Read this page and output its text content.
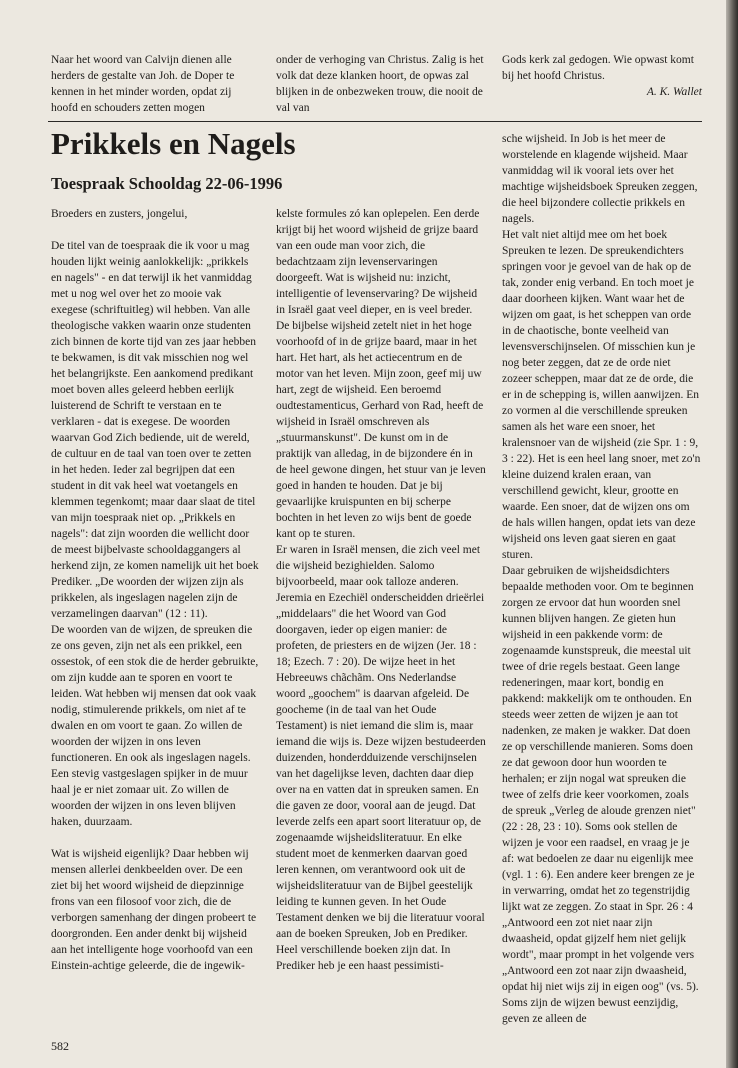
Naar het woord van Calvijn dienen alle herders de gestalte van Joh. de Doper te kennen in het minder worden, opdat zij hoofd en schouders zetten mogen

onder de verhoging van Christus. Zalig is het volk dat deze klanken hoort, de opwas zal blijken in de onbezweken trouw, die nooit de val van

Gods kerk zal gedogen. Wie opwast komt bij het hoofd Christus.

A. K. Wallet

Prikkels en Nagels
Toespraak Schooldag 22-06-1996

Broeders en zusters, jongelui,

De titel van de toespraak die ik voor u mag houden lijkt weinig aanlokkelijk: „prikkels en nagels" - en dat terwijl ik het vanmiddag met u nog wel over het zo mooie vak exegese (schriftuitleg) wil hebben. Van alle theologische vakken waarin onze studenten zich binnen de korte tijd van zes jaar hebben te bekwamen, is dit vak misschien nog wel het belangrijkste. Een aankomend predikant moet boven alles geleerd hebben eerlijk luisterend de Schrift te verstaan en te verklaren - dat is exegese. De woorden waarvan God Zich bediende, uit de wereld, de cultuur en de taal van toen over te zetten in het heden. Ieder zal begrijpen dat een student in dit vak heel wat voetangels en klemmen tegenkomt; maar daar slaat de titel van mijn toespraak niet op. „Prikkels en nagels": dat zijn woorden die wellicht door de meest bijbelvaste schooldaggangers al herkend zijn, ze komen namelijk uit het boek Prediker. „De woorden der wijzen zijn als prikkelen, als ingeslagen nagelen zijn de verzamelingen daarvan" (12 : 11).

De woorden van de wijzen, de spreuken die ze ons geven, zijn net als een prikkel, een ossestok, of een stok die de herder gebruikte, om zijn kudde aan te sporen en voort te leiden. Wat hebben wij mensen dat ook vaak nodig, stimulerende prikkels, om niet af te dwalen en om voort te gaan. Zo willen de woorden der wijzen in ons leven functioneren. En ook als ingeslagen nagels. Een stevig vastgeslagen spijker in de muur haal je er niet zomaar uit. Zo willen de woorden der wijzen in ons leven blijven haken, duurzaam.

Wat is wijsheid eigenlijk? Daar hebben wij mensen allerlei denkbeelden over. De een ziet bij het woord wijsheid de diepzinnige frons van een filosoof voor zich, die de verborgen samenhang der dingen probeert te doorgronden. Een ander denkt bij wijsheid aan het intelligente hoge voorhoofd van een Einstein-achtige geleerde, die de ingewik-

kelste formules zó kan oplepelen. Een derde krijgt bij het woord wijsheid de grijze baard van een oude man voor zich, die bedachtzaam zijn levenservaringen doorgeeft. Wat is wijsheid nu: inzicht, intelligentie of levenservaring? De wijsheid in Israël gaat veel dieper, en is veel breder. De bijbelse wijsheid zetelt niet in het hoge voorhoofd of in de grijze baard, maar in het hart. Het hart, als het actiecentrum en de motor van het leven. Mijn zoon, geef mij uw hart, zegt de wijsheid. Een beroemd oudtestamenticus, Gerhard von Rad, heeft de wijsheid in Israël omschreven als „stuurmanskunst". De kunst om in de praktijk van alledag, in de bijzondere én in de heel gewone dingen, het stuur van je leven goed in handen te houden. Dat je bij gevaarlijke kruispunten en bij scherpe bochten in het leven zo wijs bent de goede kant op te sturen.

Er waren in Israël mensen, die zich veel met die wijsheid bezighielden. Salomo bijvoorbeeld, maar ook talloze anderen. Jeremia en Ezechiël onderscheidden drieërlei „middelaars" die het Woord van God doorgaven, ieder op eigen manier: de profeten, de priesters en de wijzen (Jer. 18 : 18; Ezech. 7 : 20). De wijze heet in het Hebreeuws chãchãm. Ons Nederlandse woord „goochem" is daarvan afgeleid. De goocheme (in de taal van het Oude Testament) is niet iemand die slim is, maar iemand die wijs is. Deze wijzen bestudeerden duizenden, honderdduizende verschijnselen van het dagelijkse leven, dachten daar diep over na en vatten dat in spreuken samen. En die gaven ze door, vooral aan de jeugd. Dat leverde zelfs een apart soort literatuur op, de zogenaamde wijsheidsliteratuur. En elke student moet de kenmerken daarvan goed leren kennen, om verantwoord ook uit de wijsheidsliteratuur van de Bijbel geestelijk leiding te kunnen geven. In het Oude Testament denken we bij die literatuur vooral aan de boeken Spreuken, Job en Prediker. Heel verschillende boeken zijn dat. In Prediker heb je een haast pessimisti-

sche wijsheid. In Job is het meer de worstelende en klagende wijsheid. Maar vanmiddag wil ik vooral iets over het machtige wijsheidsboek Spreuken zeggen, die heel bijzondere collectie prikkels en nagels.

Het valt niet altijd mee om het boek Spreuken te lezen. De spreukendichters springen voor je gevoel van de hak op de tak, zonder enig verband. En toch moet je daar doorheen kijken. Want waar het de wijzen om gaat, is het scheppen van orde in de chaotische, bonte veelheid van levensverschijnselen. Of misschien kun je nog beter zeggen, dat ze de orde niet zozeer scheppen, maar dat ze de orde, die er in de schepping is, willen aanwijzen. En zo vormen al die verschillende spreuken samen als het ware een snoer, het kralensnoer van de wijsheid (zie Spr. 1 : 9, 3 : 22). Het is een heel lang snoer, met zo'n kleine duizend kralen eraan, van verschillend gewicht, kleur, grootte en waarde. Een snoer, dat de wijzen ons om de hals willen hangen, opdat iets van deze wijsheid ons leven gaat sieren en gaat sturen.

Daar gebruiken de wijsheidsdichters bepaalde methoden voor. Om te beginnen zorgen ze ervoor dat hun woorden snel kunnen blijven hangen. Ze gieten hun wijsheid in een pakkende vorm: de zogenaamde kunstspreuk, die meestal uit twee of drie regels bestaat. Geen lange redeneringen, maar kort, bondig en pakkend: makkelijk om te onthouden. En steeds weer zetten de wijzen je aan tot nadenken, ze maken je wakker. Dat doen ze op verschillende manieren. Soms doen ze dat gewoon door hun woorden te herhalen; er zijn nogal wat spreuken die twee of zelfs drie keer voorkomen, zoals de spreuk „Verleg de aloude grenzen niet" (22 : 28, 23 : 10). Soms ook stellen de wijzen je voor een raadsel, en vraag je je af: wat bedoelen ze daar nu eigenlijk mee (vgl. 1 : 6). Een andere keer brengen ze je in verwarring, omdat het zo tegenstrijdig lijkt wat ze zeggen. Zo staat in Spr. 26 : 4 „Antwoord een zot niet naar zijn dwaasheid, opdat gijzelf hem niet gelijk wordt", maar prompt in het volgende vers „Antwoord een zot naar zijn dwaasheid, opdat hij niet wijs zij in eigen oog" (vs. 5). Soms zijn de wijzen bewust eenzijdig, geven ze alleen de

582
